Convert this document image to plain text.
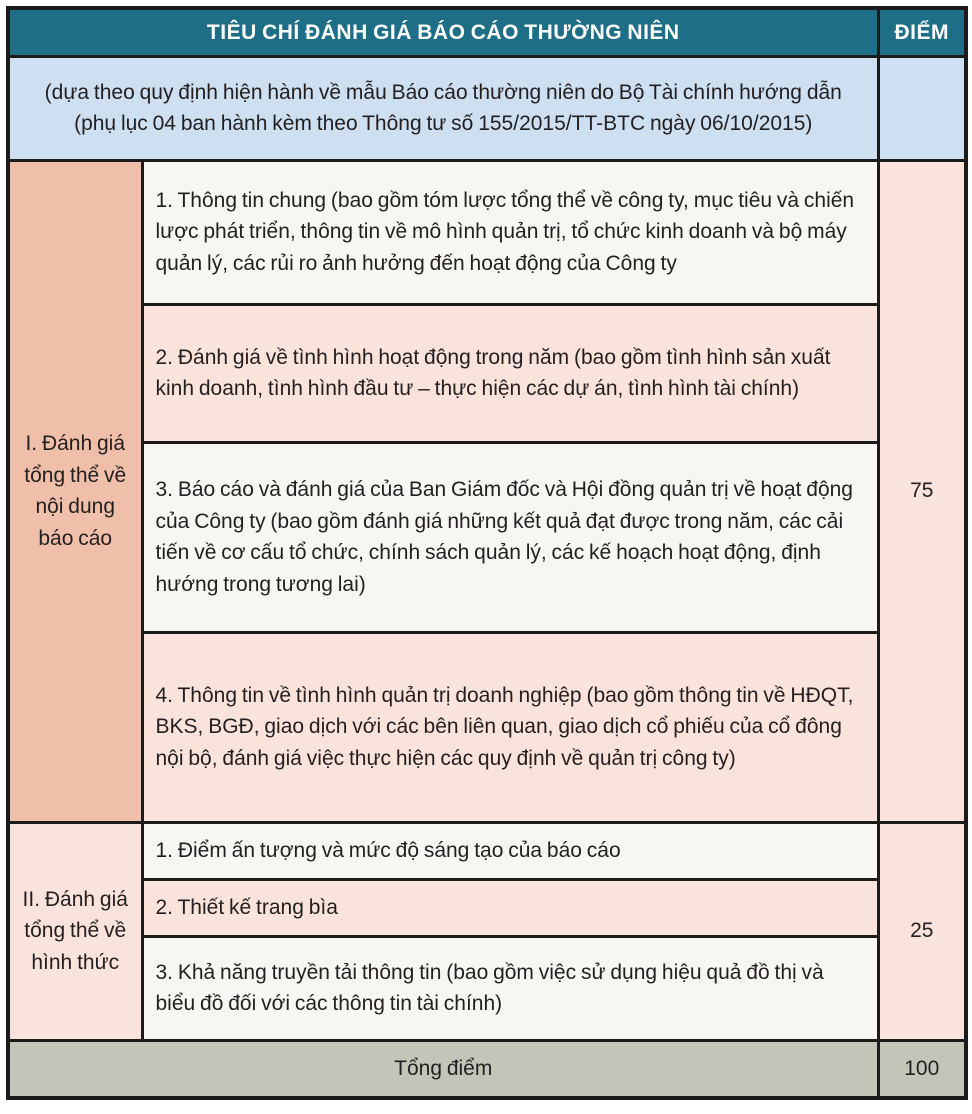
TIÊU CHÍ ĐÁNH GIÁ BÁO CÁO THƯỜNG NIÊN		ĐIỂM
(dựa theo quy định hiện hành về mẫu Báo cáo thường niên do Bộ Tài chính hướng dẫn (phụ lục 04 ban hành kèm theo Thông tư số 155/2015/TT-BTC ngày 06/10/2015)		
I. Đánh giá tổng thể về nội dung báo cáo	1. Thông tin chung (bao gồm tóm lược tổng thể về công ty, mục tiêu và chiến lược phát triển, thông tin về mô hình quản trị, tổ chức kinh doanh và bộ máy quản lý, các rủi ro ảnh hưởng đến hoạt động của Công ty	75
	2. Đánh giá về tình hình hoạt động trong năm (bao gồm tình hình sản xuất kinh doanh, tình hình đầu tư – thực hiện các dự án, tình hình tài chính)	
	3. Báo cáo và đánh giá của Ban Giám đốc và Hội đồng quản trị về hoạt động của Công ty (bao gồm đánh giá những kết quả đạt được trong năm, các cải tiến về cơ cấu tổ chức, chính sách quản lý, các kế hoạch hoạt động, định hướng trong tương lai)	
	4. Thông tin về tình hình quản trị doanh nghiệp (bao gồm thông tin về HĐQT, BKS, BGĐ, giao dịch với các bên liên quan, giao dịch cổ phiếu của cổ đông nội bộ, đánh giá việc thực hiện các quy định về quản trị công ty)	
II. Đánh giá tổng thể về hình thức	1. Điểm ấn tượng và mức độ sáng tạo của báo cáo	25
	2. Thiết kế trang bìa	
	3. Khả năng truyền tải thông tin (bao gồm việc sử dụng hiệu quả đồ thị và biểu đồ đối với các thông tin tài chính)	
Tổng điểm		100
